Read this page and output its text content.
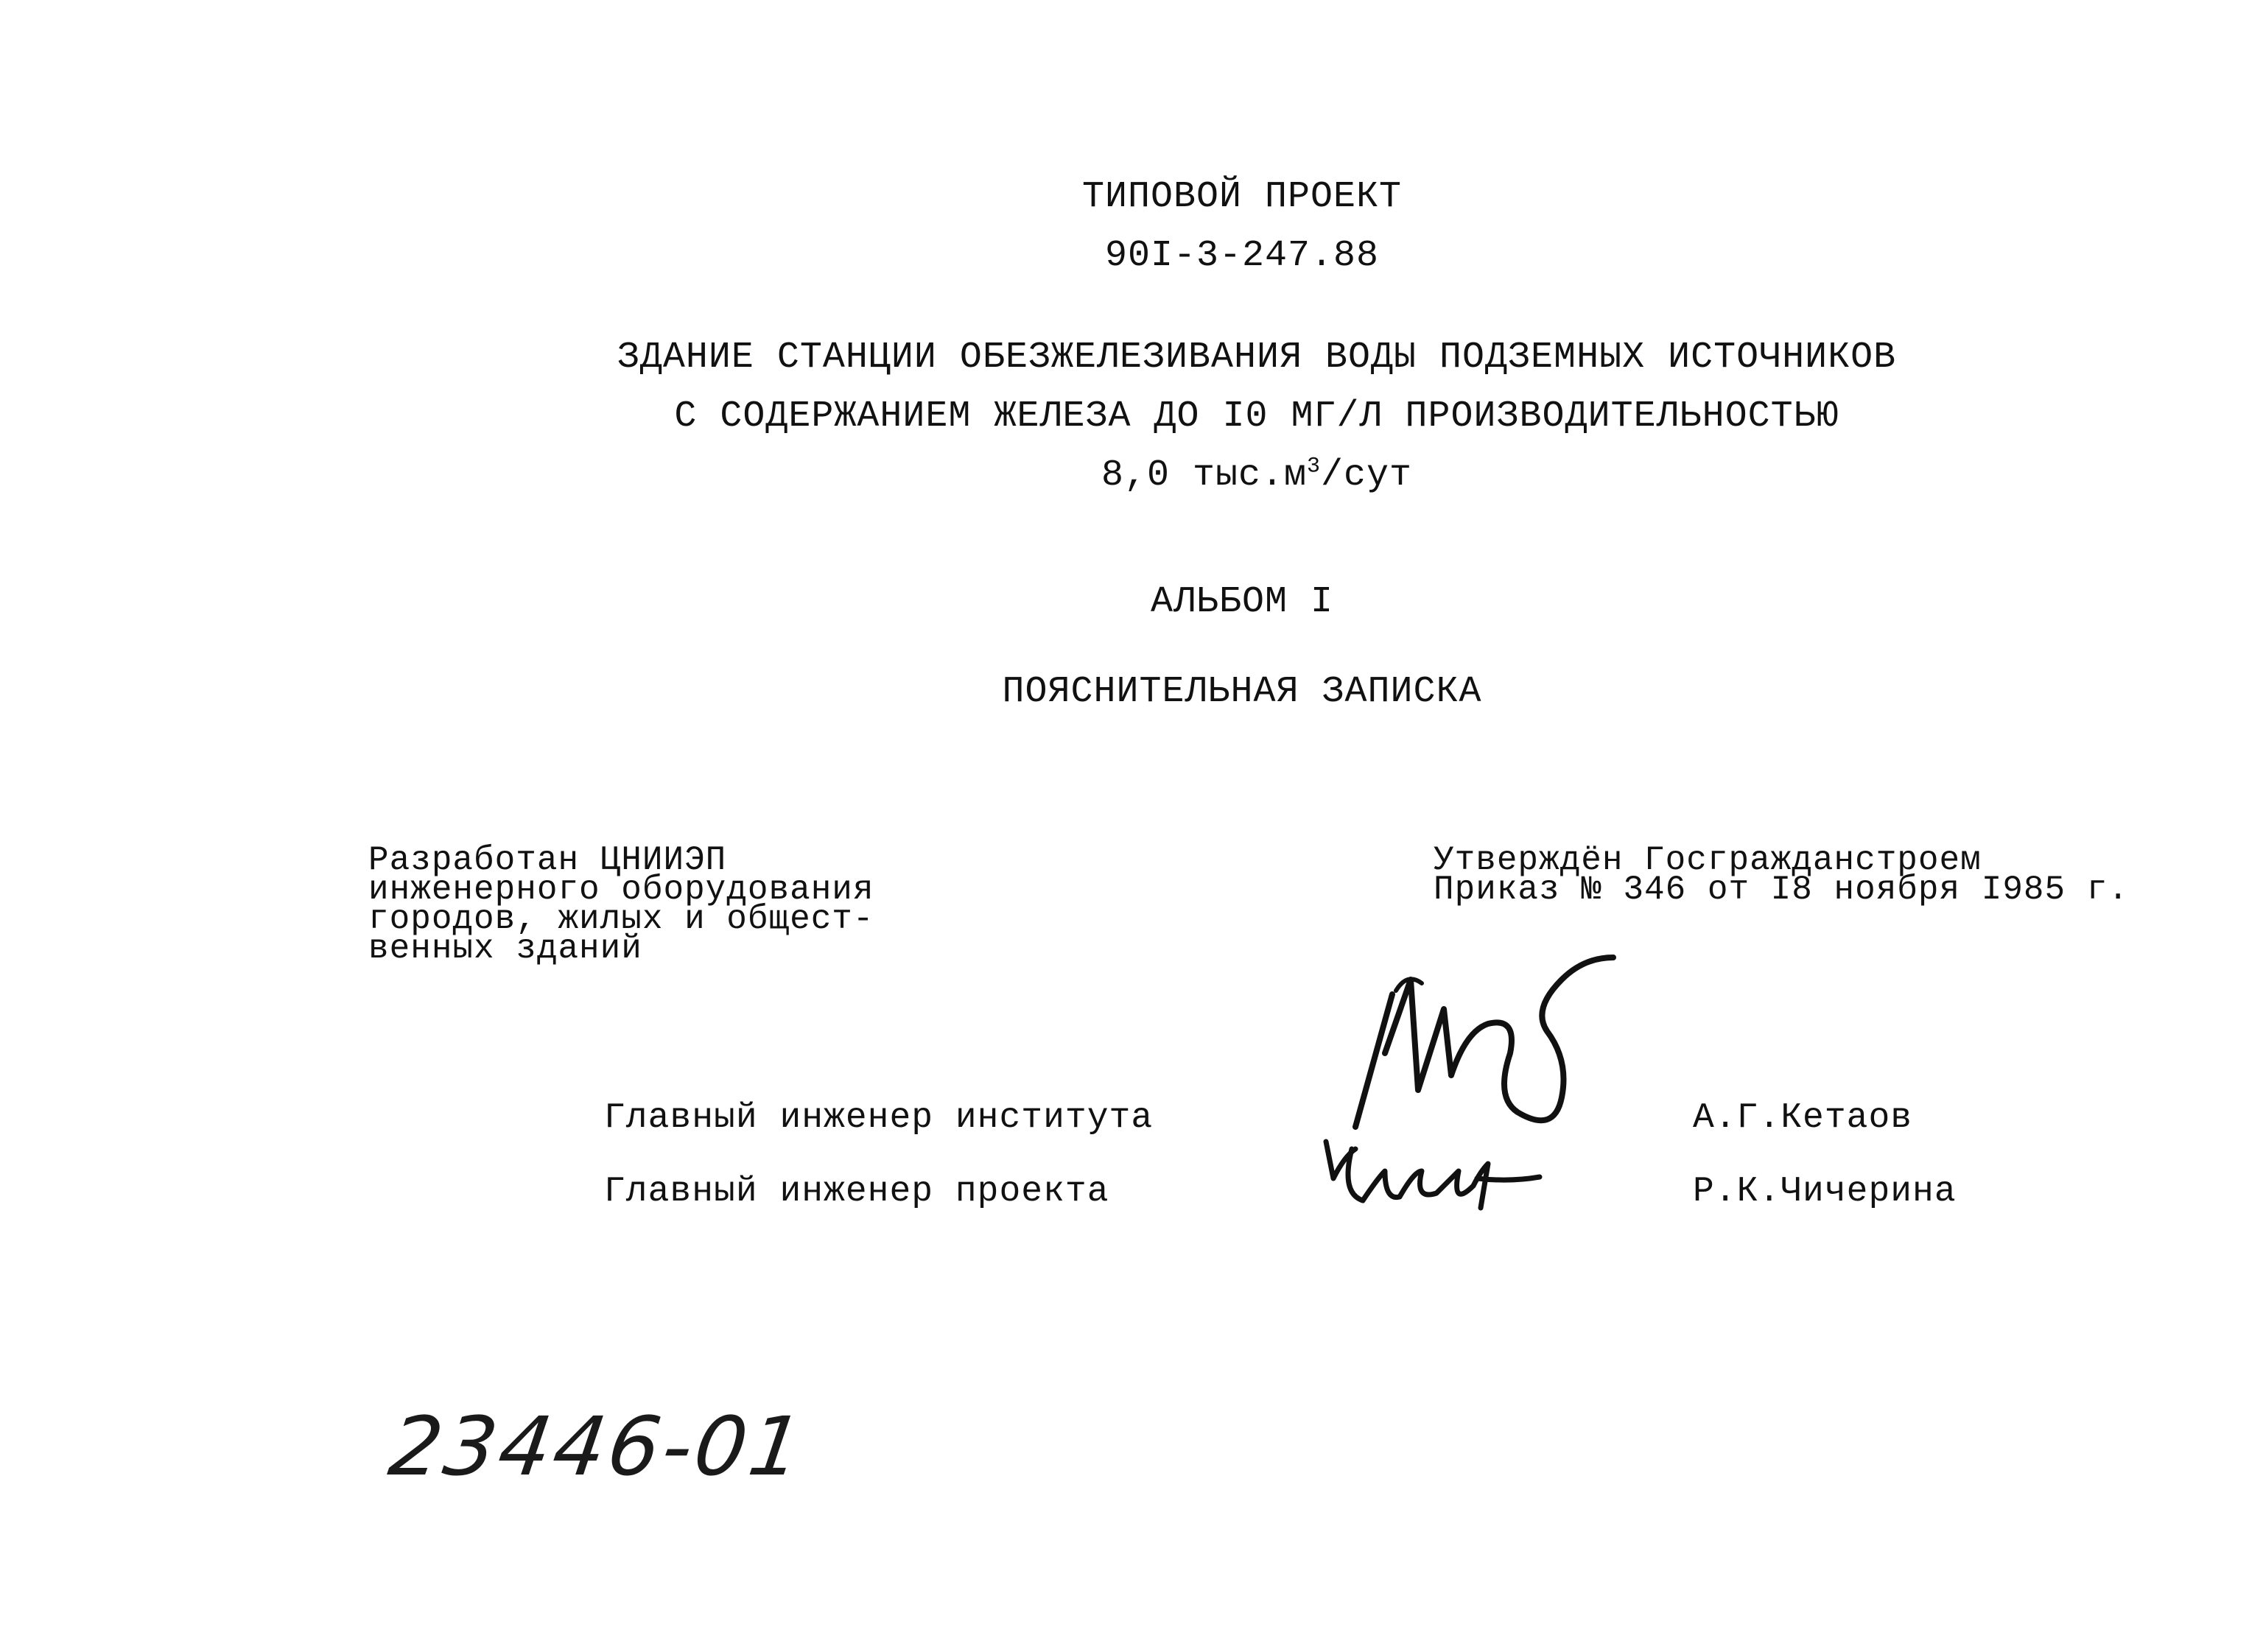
ТИПОВОЙ ПРОЕКТ
90I-3-247.88
ЗДАНИЕ СТАНЦИИ ОБЕЗЖЕЛЕЗИВАНИЯ ВОДЫ ПОДЗЕМНЫХ ИСТОЧНИКОВ
С СОДЕРЖАНИЕМ ЖЕЛЕЗА ДО I0 МГ/Л ПРОИЗВОДИТЕЛЬНОСТЬЮ
8,0 $тыс.м^3$/сут
АЛЬБОМ I
ПОЯСНИТЕЛЬНАЯ ЗАПИСКА
Разработан ЦНИИЭП
инженерного оборудования
городов, жилых и общест-
венных зданий
Утверждён Госгражданстроем
Приказ № 346 от I8 ноября I985 г.
Главный инженер института	А.Г.Кетаов
Главный инженер проекта	Р.К.Чичерина
23446-01
